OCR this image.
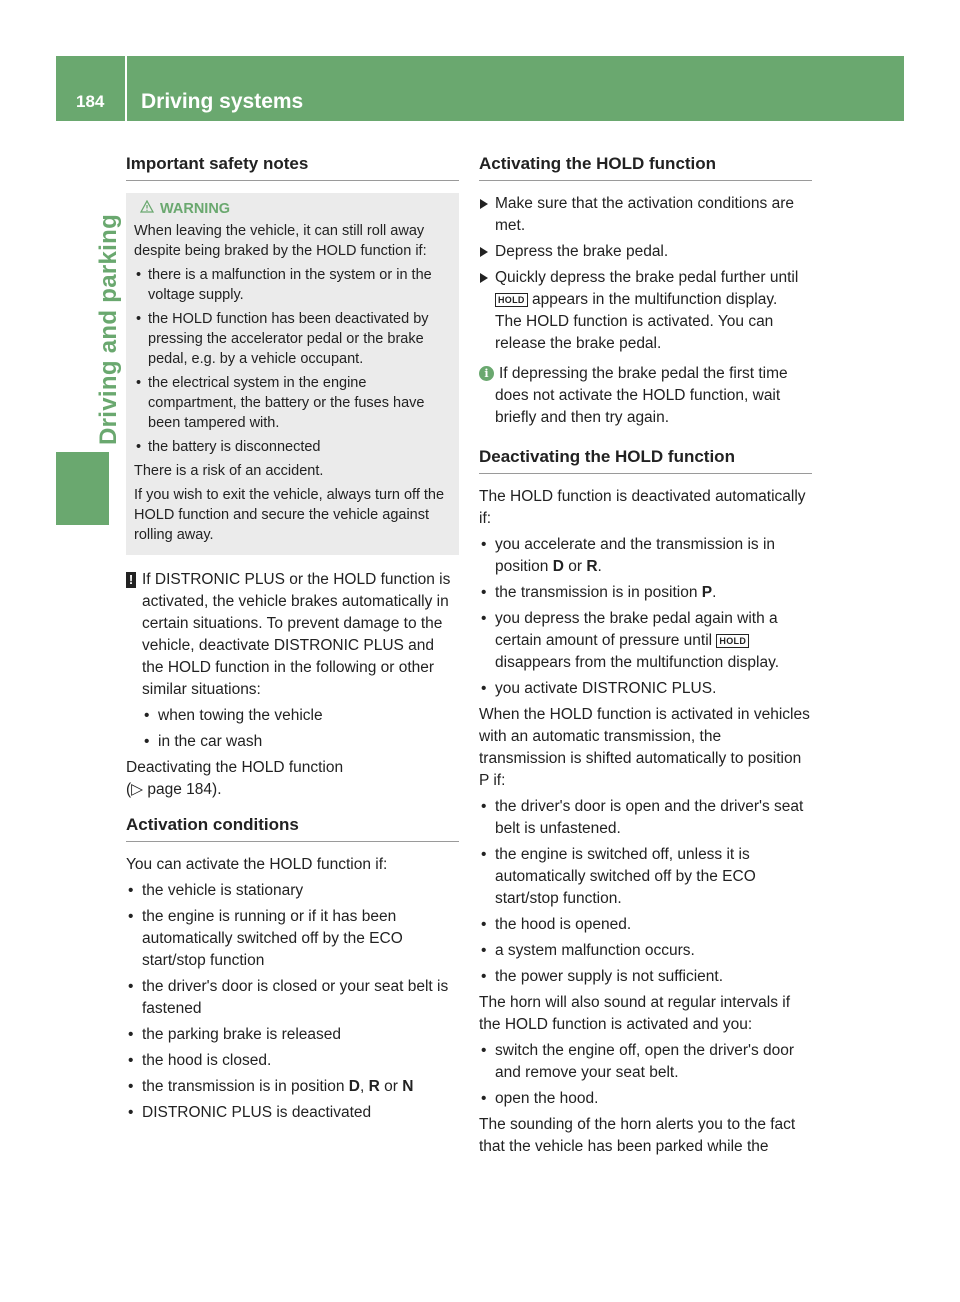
184 Driving systems
Driving and parking
Important safety notes
WARNING

When leaving the vehicle, it can still roll away despite being braked by the HOLD function if:

• there is a malfunction in the system or in the voltage supply.
• the HOLD function has been deactivated by pressing the accelerator pedal or the brake pedal, e.g. by a vehicle occupant.
• the electrical system in the engine compartment, the battery or the fuses have been tampered with.
• the battery is disconnected

There is a risk of an accident.

If you wish to exit the vehicle, always turn off the HOLD function and secure the vehicle against rolling away.

! If DISTRONIC PLUS or the HOLD function is activated, the vehicle brakes automatically in certain situations. To prevent damage to the vehicle, deactivate DISTRONIC PLUS and the HOLD function in the following or other similar situations:
• when towing the vehicle
• in the car wash

Deactivating the HOLD function

(▷ page 184).

Activation conditions

You can activate the HOLD function if:

• the vehicle is stationary
• the engine is running or if it has been automatically switched off by the ECO start/stop function
• the driver's door is closed or your seat belt is fastened
• the parking brake is released
• the hood is closed.
• the transmission is in position D, R or N
• DISTRONIC PLUS is deactivated
Activating the HOLD function
Make sure that the activation conditions are met.
Depress the brake pedal.
Quickly depress the brake pedal further until HOLD appears in the multifunction display.
The HOLD function is activated. You can release the brake pedal.
i If depressing the brake pedal the first time does not activate the HOLD function, wait briefly and then try again.
Deactivating the HOLD function

The HOLD function is deactivated automatically if:

• you accelerate and the transmission is in position D or R.
• the transmission is in position P.
• you depress the brake pedal again with a certain amount of pressure until HOLD disappears from the multifunction display.
• you activate DISTRONIC PLUS.

When the HOLD function is activated in vehicles with an automatic transmission, the transmission is shifted automatically to position P if:

• the driver's door is open and the driver's seat belt is unfastened.
• the engine is switched off, unless it is automatically switched off by the ECO start/stop function.
• the hood is opened.
• a system malfunction occurs.
• the power supply is not sufficient.

The horn will also sound at regular intervals if the HOLD function is activated and you:

• switch the engine off, open the driver's door and remove your seat belt.
• open the hood.

The sounding of the horn alerts you to the fact that the vehicle has been parked while the
